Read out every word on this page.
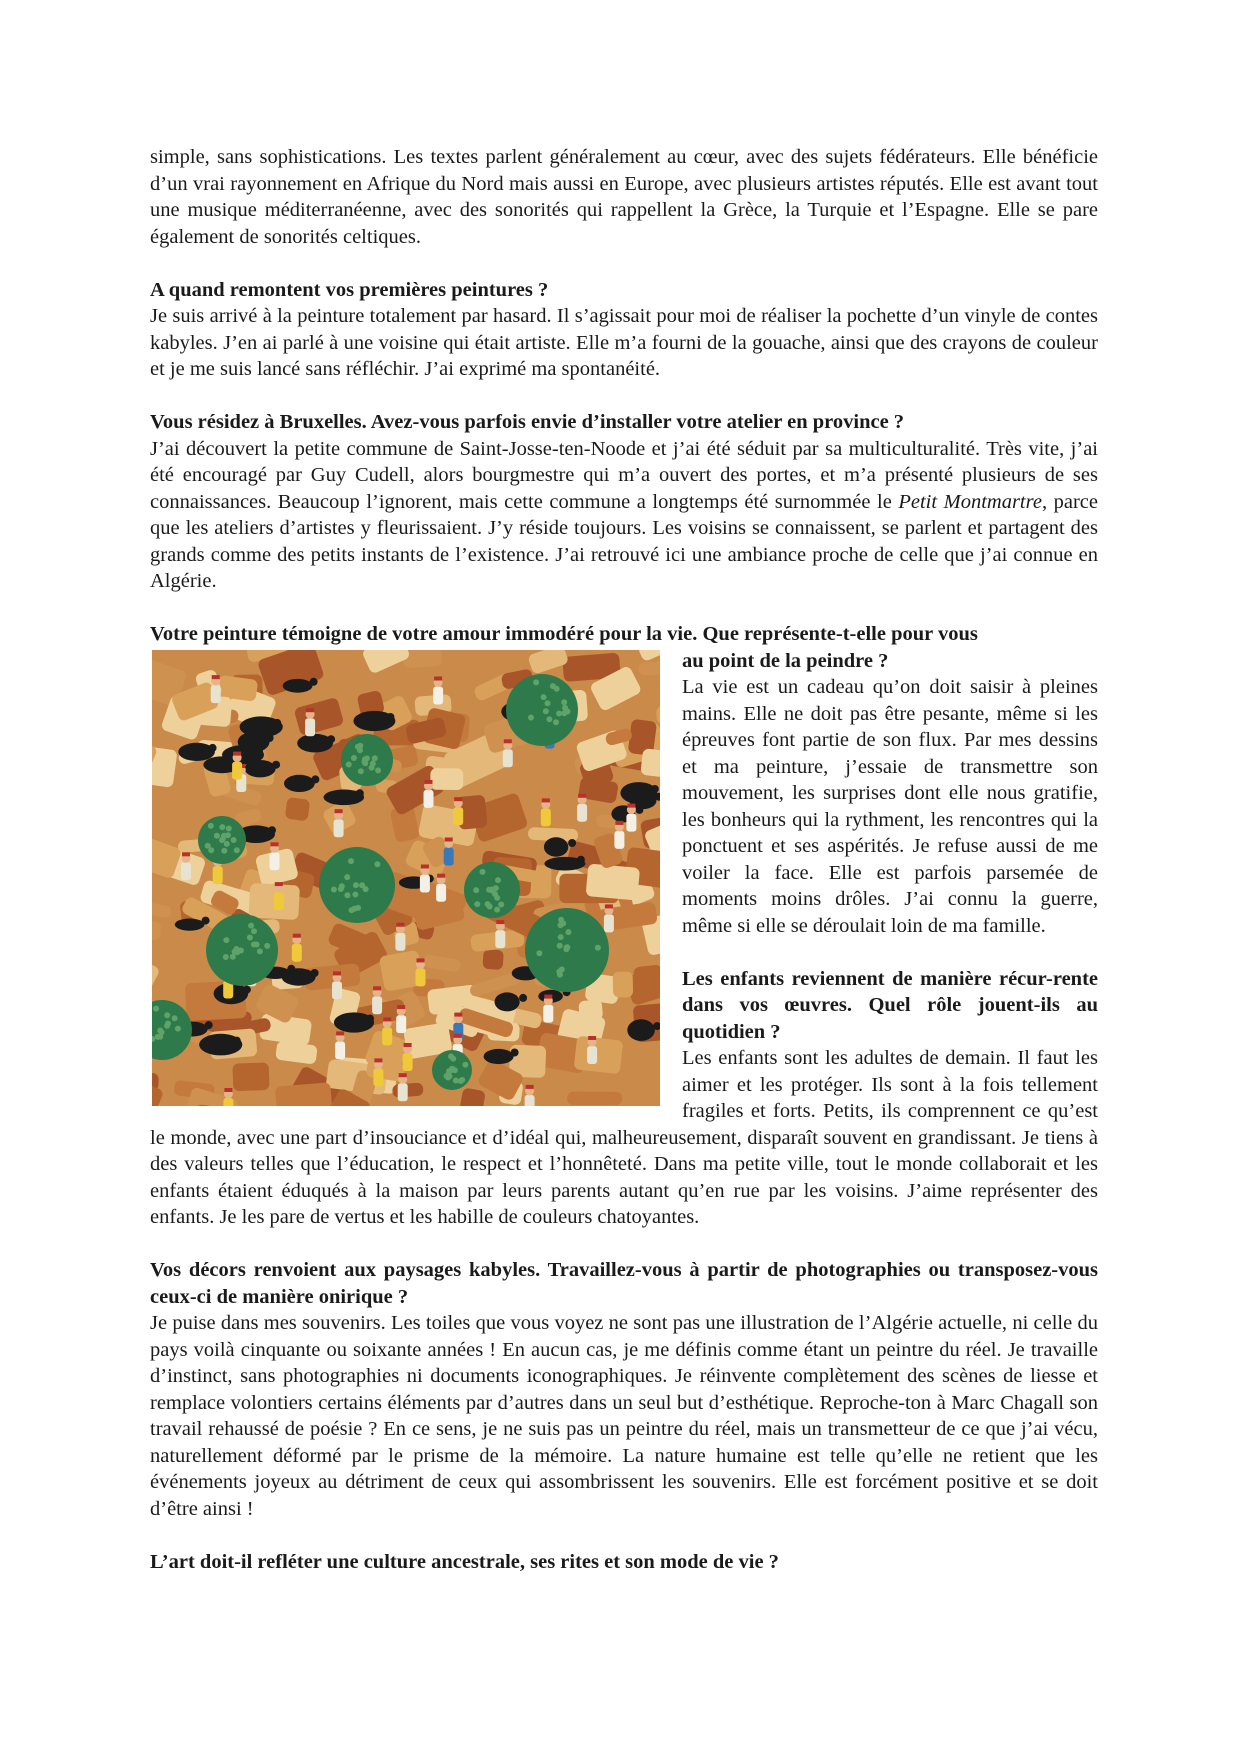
simple, sans sophistications. Les textes parlent généralement au cœur, avec des sujets fédérateurs. Elle bénéficie d’un vrai rayonnement en Afrique du Nord mais aussi en Europe, avec plusieurs artistes réputés. Elle est avant tout une musique méditerranéenne, avec des sonorités qui rappellent la Grèce, la Turquie et l’Espagne. Elle se pare également de sonorités celtiques.

A quand remontent vos premières peintures ?

Je suis arrivé à la peinture totalement par hasard. Il s’agissait pour moi de réaliser la pochette d’un vinyle de contes kabyles. J’en ai parlé à une voisine qui était artiste. Elle m’a fourni de la gouache, ainsi que des crayons de couleur et je me suis lancé sans réfléchir. J’ai exprimé ma spontanéité.

Vous résidez à Bruxelles. Avez-vous parfois envie d’installer votre atelier en province ?

J’ai découvert la petite commune de Saint-Josse-ten-Noode et j’ai été séduit par sa multiculturalité. Très vite, j’ai été encouragé par Guy Cudell, alors bourgmestre qui m’a ouvert des portes, et m’a présenté plusieurs de ses connaissances. Beaucoup l’ignorent, mais cette commune a longtemps été surnommée le Petit Montmartre, parce que les ateliers d’artistes y fleurissaient. J’y réside toujours. Les voisins se connaissent, se parlent et partagent des grands comme des petits instants de l’existence. J’ai retrouvé ici une ambiance proche de celle que j’ai connue en Algérie.

Votre peinture témoigne de votre amour immodéré pour la vie. Que représente-t-elle pour vous

au point de la peindre ?

La vie est un cadeau qu’on doit saisir à pleines mains. Elle ne doit pas être pesante, même si les épreuves font partie de son flux. Par mes dessins et ma peinture, j’essaie de transmettre son mouvement, les surprises dont elle nous gratifie, les bonheurs qui la rythment, les rencontres qui la ponctuent et ses aspérités. Je refuse aussi de me voiler la face. Elle est parfois parsemée de moments moins drôles. J’ai connu la guerre, même si elle se déroulait loin de ma famille.

Les enfants reviennent de manière récur-rente dans vos œuvres. Quel rôle jouent-ils au quotidien ?

Les enfants sont les adultes de demain. Il faut les aimer et les protéger. Ils sont à la fois tellement fragiles et forts. Petits, ils comprennent ce qu’est le monde, avec une part d’insouciance et d’idéal qui, malheureusement, disparaît souvent en grandissant. Je tiens à des valeurs telles que l’éducation, le respect et l’honnêteté. Dans ma petite ville, tout le monde collaborait et les enfants étaient éduqués à la maison par leurs parents autant qu’en rue par les voisins. J’aime représenter des enfants. Je les pare de vertus et les habille de couleurs chatoyantes.

Vos décors renvoient aux paysages kabyles. Travaillez-vous à partir de photographies ou transposez-vous ceux-ci de manière onirique ?

Je puise dans mes souvenirs. Les toiles que vous voyez ne sont pas une illustration de l’Algérie actuelle, ni celle du pays voilà cinquante ou soixante années ! En aucun cas, je me définis comme étant un peintre du réel. Je travaille d’instinct, sans photographies ni documents iconographiques. Je réinvente complètement des scènes de liesse et remplace volontiers certains éléments par d’autres dans un seul but d’esthétique. Reproche-ton à Marc Chagall son travail rehaussé de poésie ? En ce sens, je ne suis pas un peintre du réel, mais un transmetteur de ce que j’ai vécu, naturellement déformé par le prisme de la mémoire. La nature humaine est telle qu’elle ne retient que les événements joyeux au détriment de ceux qui assombrissent les souvenirs. Elle est forcément positive et se doit d’être ainsi !

L’art doit-il refléter une culture ancestrale, ses rites et son mode de vie ?
